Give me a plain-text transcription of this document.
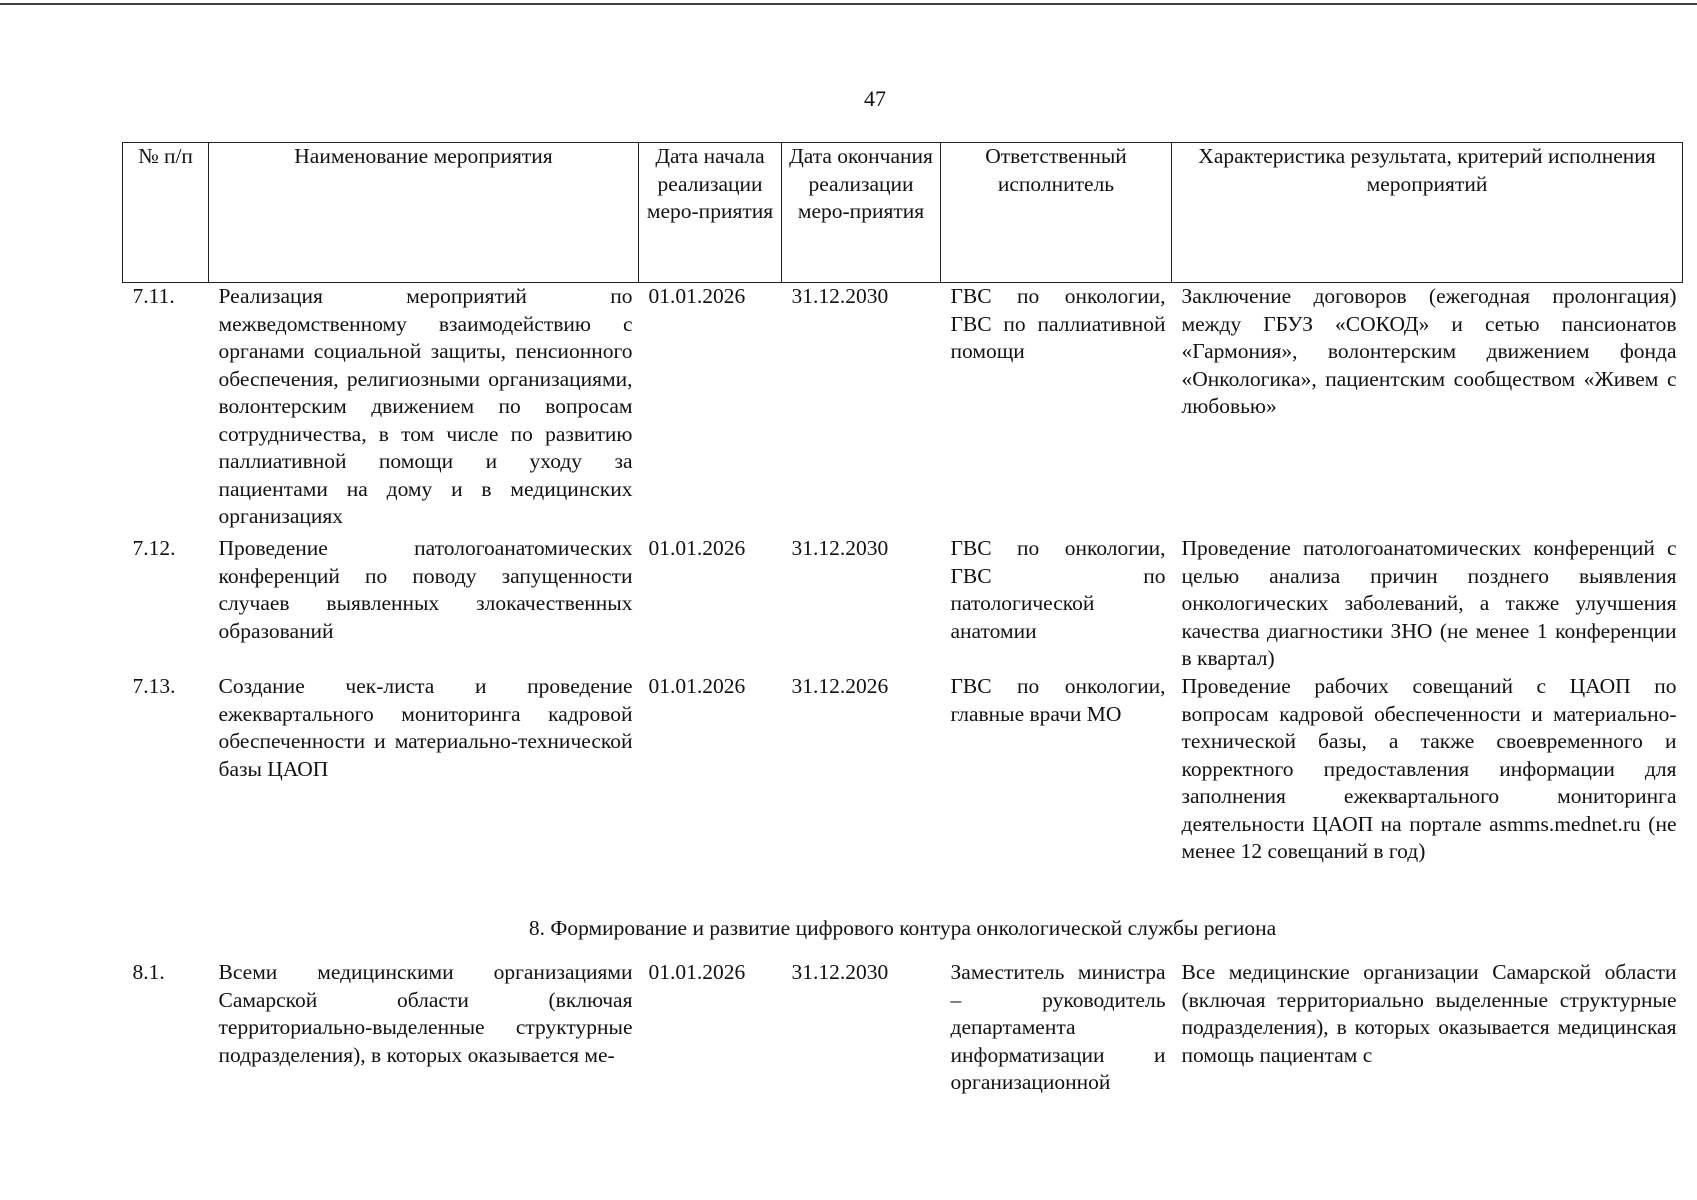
47
№ п/п	Наименование мероприятия	Дата начала реализации меро-приятия	Дата окончания реализации меро-приятия	Ответственный исполнитель	Характеристика результата, критерий исполнения мероприятий
7.11.	Реализация мероприятий по межведомственному взаимодействию с органами социальной защиты, пенсионного обеспечения, религиозными организациями, волонтерским движением по вопросам сотрудничества, в том числе по развитию паллиативной помощи и уходу за пациентами на дому и в медицинских организациях	01.01.2026	31.12.2030	ГВС по онкологии, ГВС по паллиативной помощи	Заключение договоров (ежегодная пролонгация) между ГБУЗ «СОКОД» и сетью пансионатов «Гармония», волонтерским движением фонда «Онкологика», пациентским сообществом «Живем с любовью»
7.12.	Проведение патологоанатомических конференций по поводу запущенности случаев выявленных злокачественных образований	01.01.2026	31.12.2030	ГВС по онкологии, ГВС по патологической анатомии	Проведение патологоанатомических конференций с целью анализа причин позднего выявления онкологических заболеваний, а также улучшения качества диагностики ЗНО (не менее 1 конференции в квартал)
7.13.	Создание чек-листа и проведение ежеквартального мониторинга кадровой обеспеченности и материально-технической базы ЦАОП	01.01.2026	31.12.2026	ГВС по онкологии, главные врачи МО	Проведение рабочих совещаний с ЦАОП по вопросам кадровой обеспеченности и материально-технической базы, а также своевременного и корректного предоставления информации для заполнения ежеквартального мониторинга деятельности ЦАОП на портале asmms.mednet.ru (не менее 12 совещаний в год)
8. Формирование и развитие цифрового контура онкологической службы региона					
8.1.	Всеми медицинскими организациями Самарской области (включая территориально-выделенные структурные подразделения), в которых оказывается ме-	01.01.2026	31.12.2030	Заместитель министра – руководитель департамента информатизации и организационной	Все медицинские организации Самарской области (включая территориально выделенные структурные подразделения), в которых оказывается медицинская помощь пациентам с
